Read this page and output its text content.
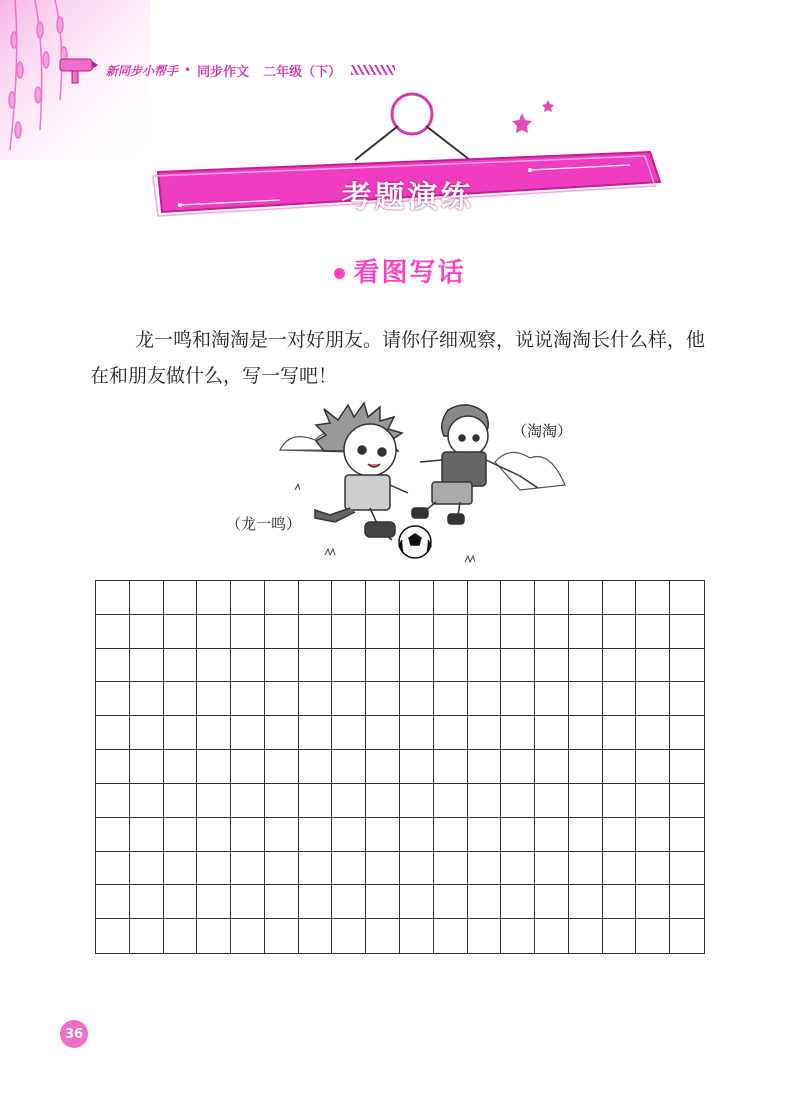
新同步小帮手 • 同步作文 二年级（下）
考题演练
看图写话
龙一鸣和淘淘是一对好朋友。请你仔细观察，说说淘淘长什么样，他在和朋友做什么，写一写吧！
（淘淘）
（龙一鸣）
36
